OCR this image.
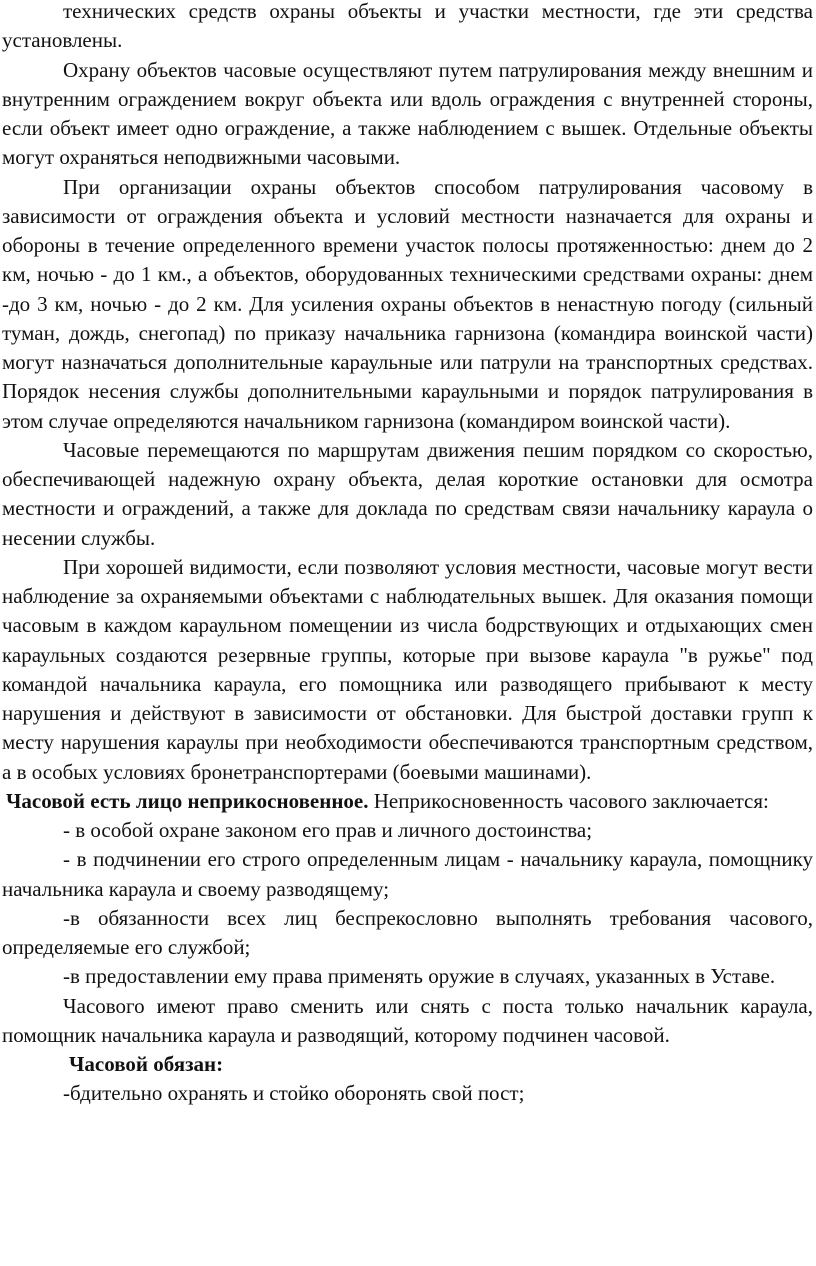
технических средств охраны объекты и участки местности, где эти средства установлены.

Охрану объектов часовые осуществляют путем патрулирования между внешним и внутренним ограждением вокруг объекта или вдоль ограждения с внутренней стороны, если объект имеет одно ограждение, а также наблюдением с вышек. Отдельные объекты могут охраняться неподвижными часовыми.

При организации охраны объектов способом патрулирования часовому в зависимости от ограждения объекта и условий местности назначается для охраны и обороны в течение определенного времени участок полосы протяженностью: днем до 2 км, ночью - до 1 км., а объектов, оборудованных техническими средствами охраны: днем -до 3 км, ночью - до 2 км. Для усиления охраны объектов в ненастную погоду (сильный туман, дождь, снегопад) по приказу начальника гарнизона (командира воинской части) могут назначаться дополнительные караульные или патрули на транспортных средствах. Порядок несения службы дополнительными караульными и порядок патрулирования в этом случае определяются начальником гарнизона (командиром воинской части).

Часовые перемещаются по маршрутам движения пешим порядком со скоростью, обеспечивающей надежную охрану объекта, делая короткие остановки для осмотра местности и ограждений, а также для доклада по средствам связи начальнику караула о несении службы.

При хорошей видимости, если позволяют условия местности, часовые могут вести наблюдение за охраняемыми объектами с наблюдательных вышек. Для оказания помощи часовым в каждом караульном помещении из числа бодрствующих и отдыхающих смен караульных создаются резервные группы, которые при вызове караула "в ружье" под командой начальника караула, его помощника или разводящего прибывают к месту нарушения и действуют в зависимости от обстановки. Для быстрой доставки групп к месту нарушения караулы при необходимости обеспечиваются транспортным средством, а в особых условиях бронетранспортерами (боевыми машинами).

Часовой есть лицо неприкосновенное. Неприкосновенность часового заключается:

- в особой охране законом его прав и личного достоинства;

- в подчинении его строго определенным лицам - начальнику караула, помощнику начальника караула и своему разводящему;

-в обязанности всех лиц беспрекословно выполнять требования часового, определяемые его службой;

-в предоставлении ему права применять оружие в случаях, указанных в Уставе.

Часового имеют право сменить или снять с поста только начальник караула, помощник начальника караула и разводящий, которому подчинен часовой.

Часовой обязан:

-бдительно охранять и стойко оборонять свой пост;
